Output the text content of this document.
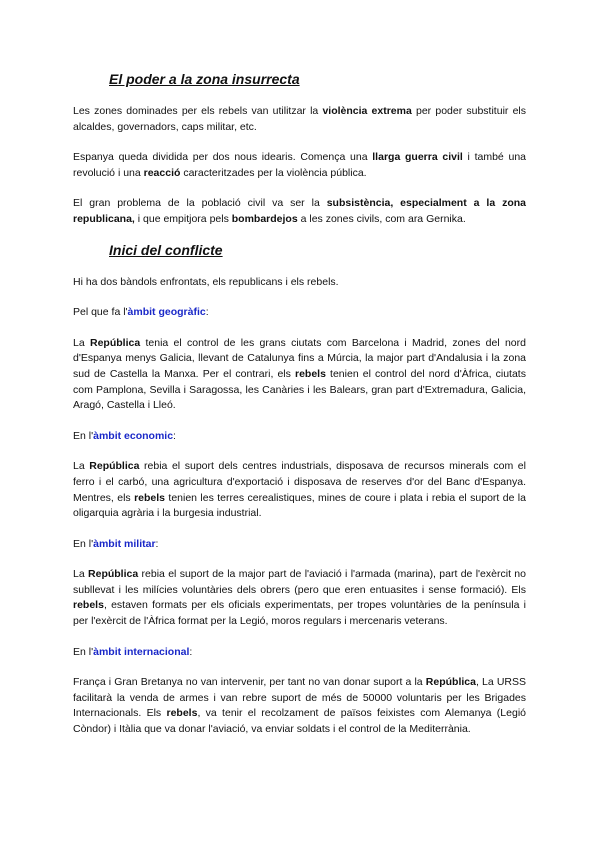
El poder a la zona insurrecta

Les zones dominades per els rebels van utilitzar la violència extrema per poder substituir els alcaldes, governadors, caps militar, etc.

Espanya queda dividida per dos nous idearis. Comença una llarga guerra civil i també una revolució i una reacció caracteritzades per la violència pública.

El gran problema de la població civil va ser la subsistència, especialment a la zona republicana, i que empitjora pels bombardejos a les zones civils, com ara Gernika.

Inici del conflicte

Hi ha dos bàndols enfrontats, els republicans i els rebels.

Pel que fa l'àmbit geogràfic:

La República tenia el control de les grans ciutats com Barcelona i Madrid, zones del nord d'Espanya menys Galicia, llevant de Catalunya fins a Múrcia, la major part d'Andalusia i la zona sud de Castella la Manxa. Per el contrari, els rebels tenien el control del nord d'Àfrica, ciutats com Pamplona, Sevilla i Saragossa, les Canàries i les Balears, gran part d'Extremadura, Galicia, Aragó, Castella i Lleó.

En l'àmbit economic:

La República rebia el suport dels centres industrials, disposava de recursos minerals com el ferro i el carbó, una agricultura d'exportació i disposava de reserves d'or del Banc d'Espanya. Mentres, els rebels tenien les terres cerealistiques, mines de coure i plata i rebia el suport de la oligarquia agrària i la burgesia industrial.

En l'àmbit militar:

La República rebia el suport de la major part de l'aviació i l'armada (marina), part de l'exèrcit no subllevat i les milícies voluntàries dels obrers (pero que eren entuasites i sense formació). Els rebels, estaven formats per els oficials experimentats, per tropes voluntàries de la península i per l'exèrcit de l'Àfrica format per la Legió, moros regulars i mercenaris veterans.

En l'àmbit internacional:

França i Gran Bretanya no van intervenir, per tant no van donar suport a la República, La URSS facilitarà la venda de armes i van rebre suport de més de 50000 voluntaris per les Brigades Internacionals. Els rebels, va tenir el recolzament de països feixistes com Alemanya (Legió Còndor) i Itàlia que va donar l'aviació, va enviar soldats i el control de la Mediterrània.
